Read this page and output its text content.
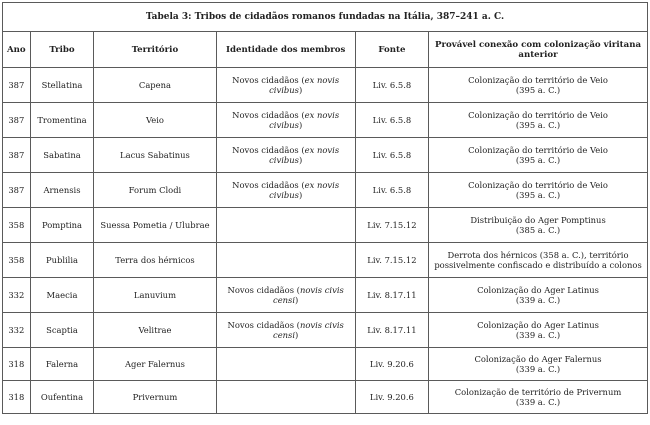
Tabela 3: Tribos de cidadãos romanos fundadas na Itália, 387–241 a. C.					
Ano	Tribo	Território	Identidade dos membros	Fonte	Provável conexão com colonização viritana anterior
387	Stellatina	Capena	Novos cidadãos (ex novis civibus)	Liv. 6.5.8	Colonização do território de Veio
(395 a. C.)
387	Tromentina	Veio	Novos cidadãos (ex novis civibus)	Liv. 6.5.8	Colonização do território de Veio
(395 a. C.)
387	Sabatina	Lacus Sabatinus	Novos cidadãos (ex novis civibus)	Liv. 6.5.8	Colonização do território de Veio
(395 a. C.)
387	Arnensis	Forum Clodi	Novos cidadãos (ex novis civibus)	Liv. 6.5.8	Colonização do território de Veio
(395 a. C.)
358	Pomptina	Suessa Pometia / Ulubrae		Liv. 7.15.12	Distribuição do Ager Pomptinus
(385 a. C.)
358	Publilia	Terra dos hérnicos		Liv. 7.15.12	Derrota dos hérnicos (358 a. C.), território
possivelmente confiscado e distribuído a colonos
332	Maecia	Lanuvium	Novos cidadãos (novis civis censi)	Liv. 8.17.11	Colonização do Ager Latinus
(339 a. C.)
332	Scaptia	Velitrae	Novos cidadãos (novis civis censi)	Liv. 8.17.11	Colonização do Ager Latinus
(339 a. C.)
318	Falerna	Ager Falernus		Liv. 9.20.6	Colonização do Ager Falernus
(339 a. C.)
318	Oufentina	Privernum		Liv. 9.20.6	Colonização de território de Privernum
(339 a. C.)
